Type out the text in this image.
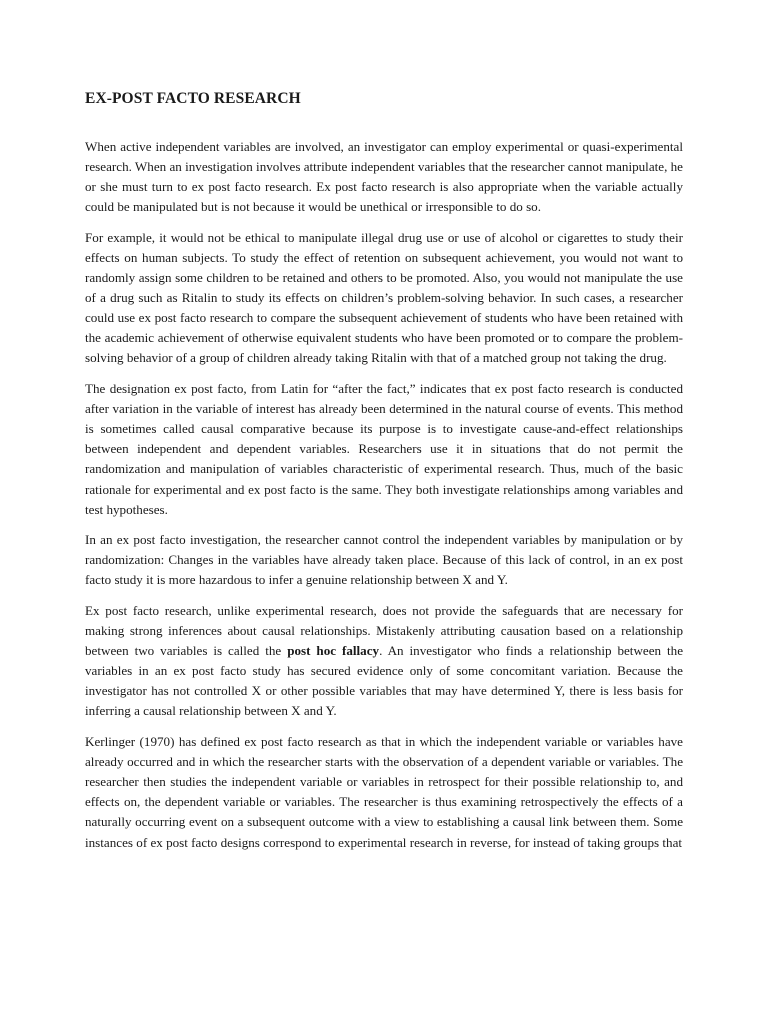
EX-POST FACTO RESEARCH

When active independent variables are involved, an investigator can employ experimental or quasi-experimental research. When an investigation involves attribute independent variables that the researcher cannot manipulate, he or she must turn to ex post facto research. Ex post facto research is also appropriate when the variable actually could be manipulated but is not because it would be unethical or irresponsible to do so.

For example, it would not be ethical to manipulate illegal drug use or use of alcohol or cigarettes to study their effects on human subjects. To study the effect of retention on subsequent achievement, you would not want to randomly assign some children to be retained and others to be promoted. Also, you would not manipulate the use of a drug such as Ritalin to study its effects on children’s problem-solving behavior. In such cases, a researcher could use ex post facto research to compare the subsequent achievement of students who have been retained with the academic achievement of otherwise equivalent students who have been promoted or to compare the problem-solving behavior of a group of children already taking Ritalin with that of a matched group not taking the drug.

The designation ex post facto, from Latin for “after the fact,” indicates that ex post facto research is conducted after variation in the variable of interest has already been determined in the natural course of events. This method is sometimes called causal comparative because its purpose is to investigate cause-and-effect relationships between independent and dependent variables. Researchers use it in situations that do not permit the randomization and manipulation of variables characteristic of experimental research. Thus, much of the basic rationale for experimental and ex post facto is the same. They both investigate relationships among variables and test hypotheses.

In an ex post facto investigation, the researcher cannot control the independent variables by manipulation or by randomization: Changes in the variables have already taken place. Because of this lack of control, in an ex post facto study it is more hazardous to infer a genuine relationship between X and Y.

Ex post facto research, unlike experimental research, does not provide the safeguards that are necessary for making strong inferences about causal relationships. Mistakenly attributing causation based on a relationship between two variables is called the post hoc fallacy. An investigator who finds a relationship between the variables in an ex post facto study has secured evidence only of some concomitant variation. Because the investigator has not controlled X or other possible variables that may have determined Y, there is less basis for inferring a causal relationship between X and Y.

Kerlinger (1970) has defined ex post facto research as that in which the independent variable or variables have already occurred and in which the researcher starts with the observation of a dependent variable or variables. The researcher then studies the independent variable or variables in retrospect for their possible relationship to, and effects on, the dependent variable or variables. The researcher is thus examining retrospectively the effects of a naturally occurring event on a subsequent outcome with a view to establishing a causal link between them. Some instances of ex post facto designs correspond to experimental research in reverse, for instead of taking groups that
